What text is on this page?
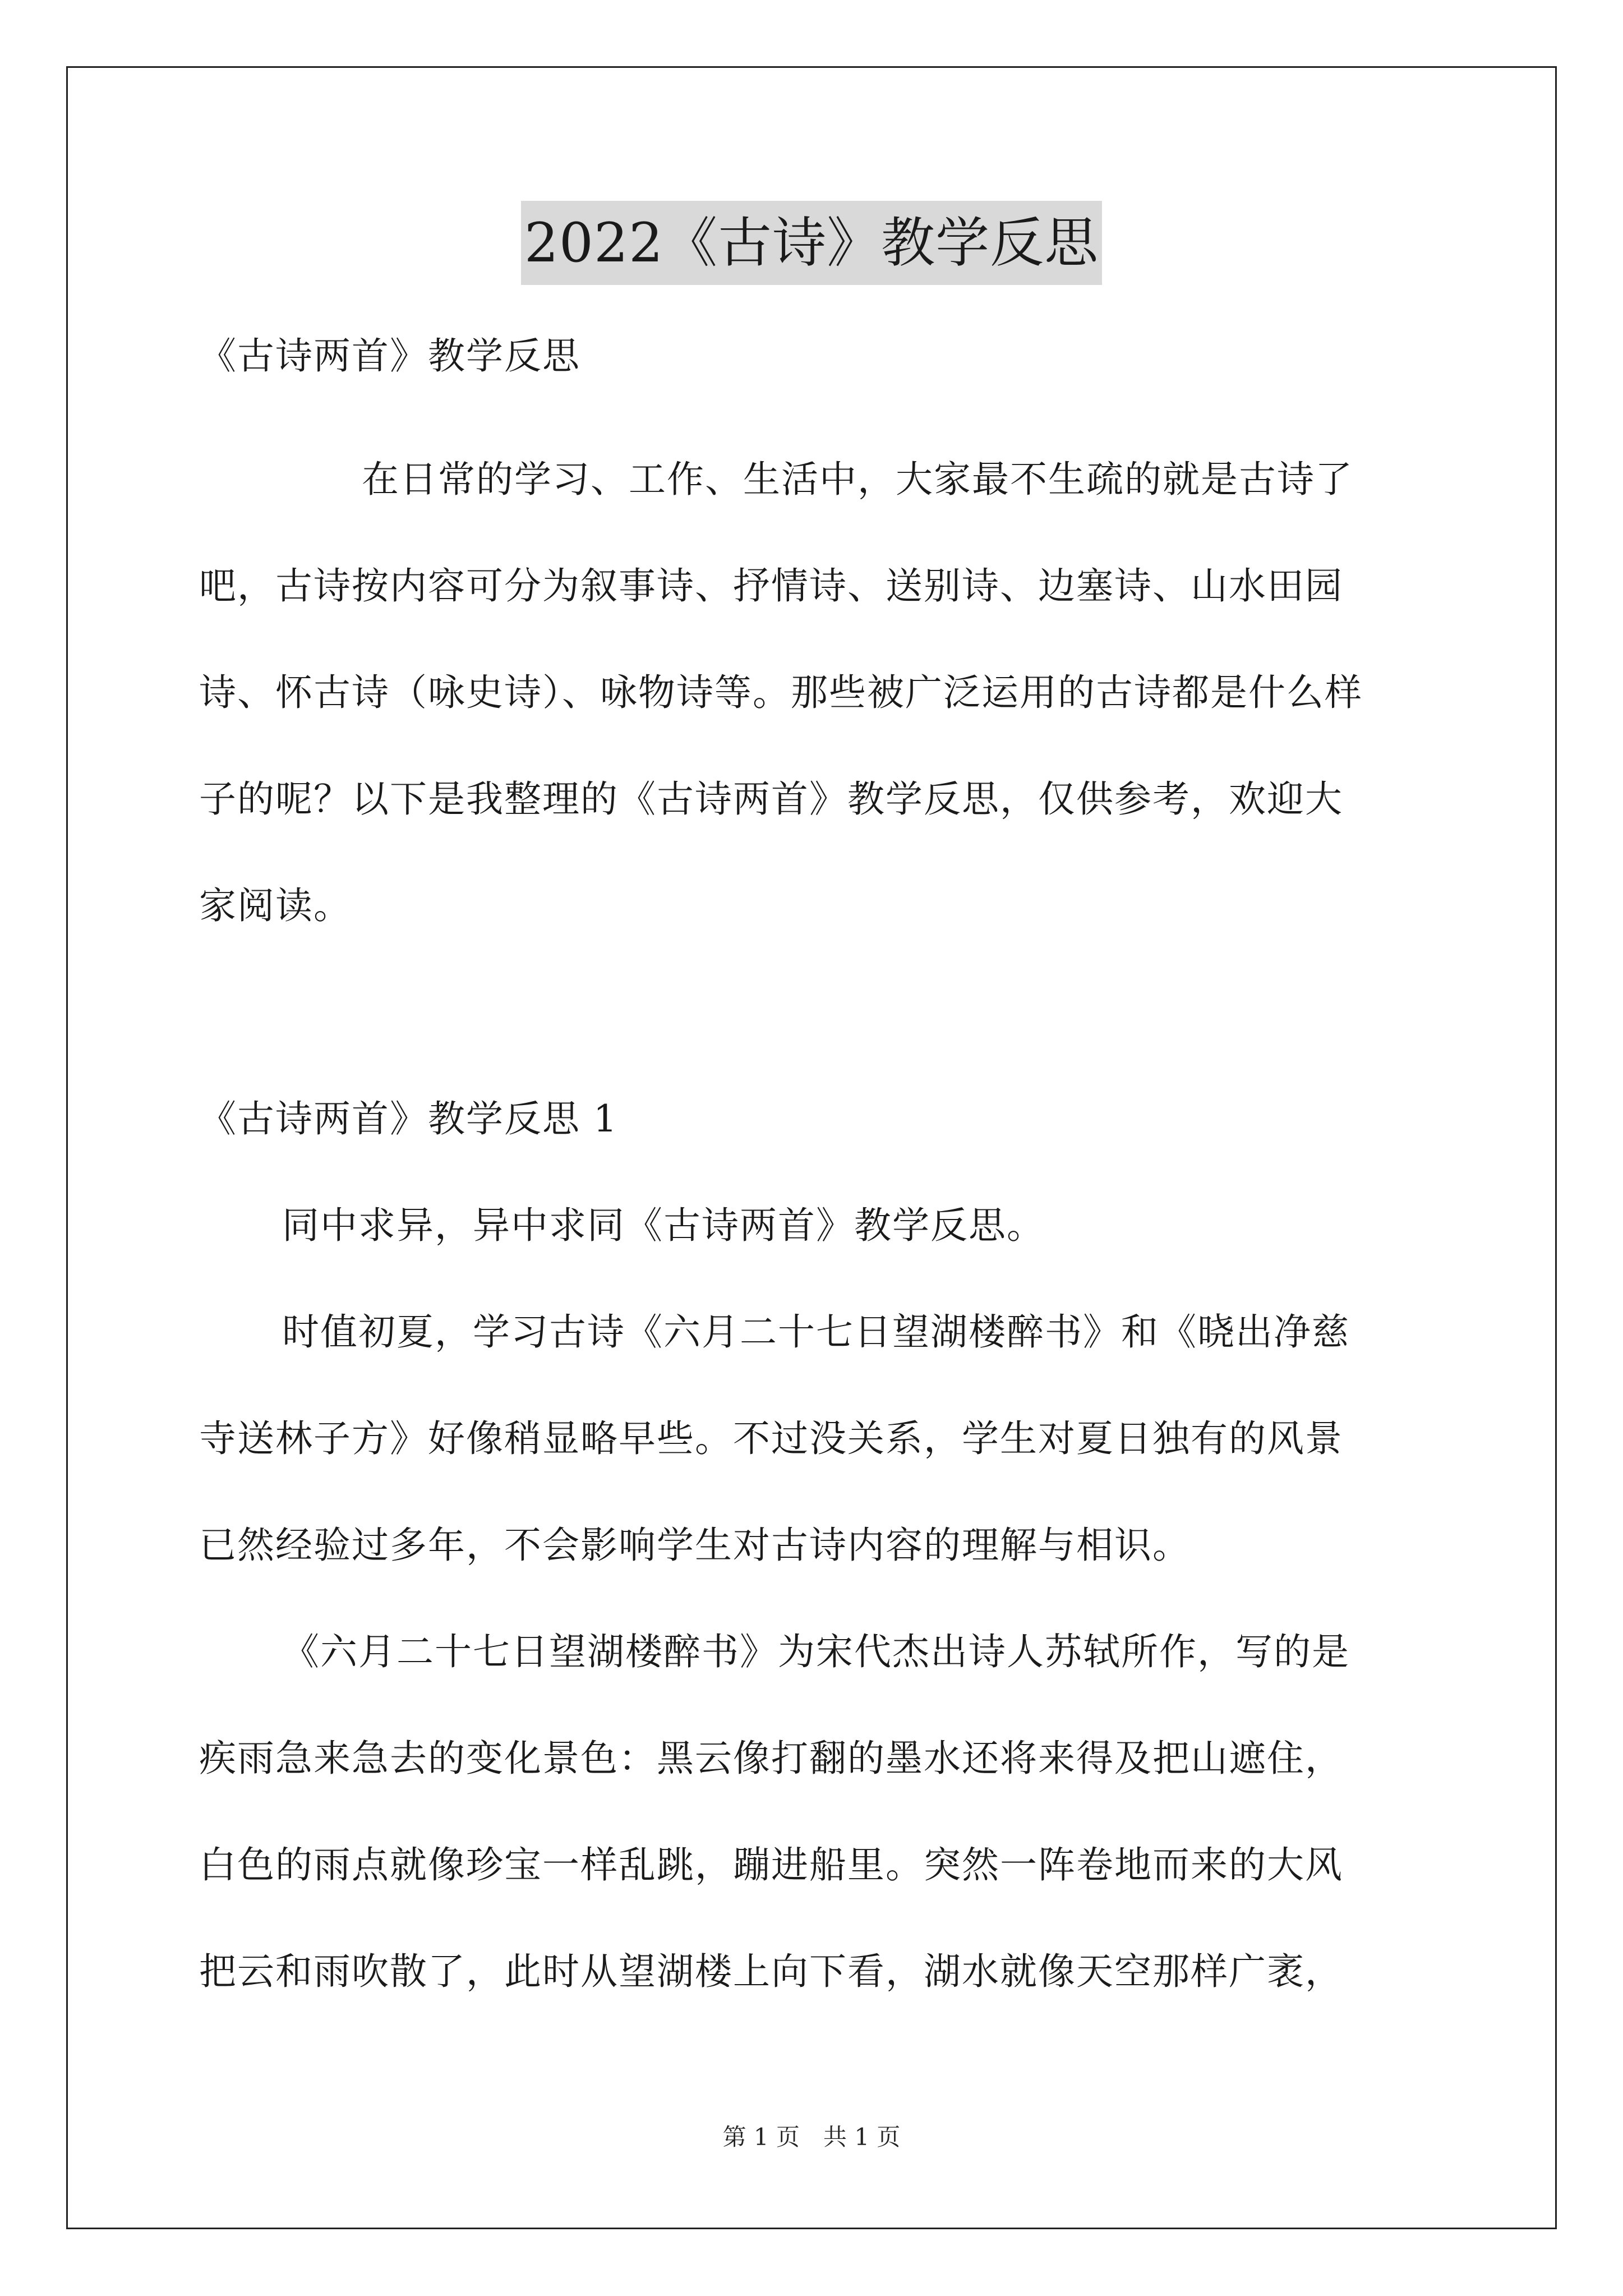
2022《古诗》教学反思
《古诗两首》教学反思
在日常的学习、工作、生活中，大家最不生疏的就是古诗了
吧，古诗按内容可分为叙事诗、抒情诗、送别诗、边塞诗、山水田园
诗、怀古诗（咏史诗）、咏物诗等。那些被广泛运用的古诗都是什么样
子的呢？以下是我整理的《古诗两首》教学反思，仅供参考，欢迎大
家阅读。
《古诗两首》教学反思 1
同中求异，异中求同《古诗两首》教学反思。
时值初夏，学习古诗《六月二十七日望湖楼醉书》和《晓出净慈
寺送林子方》好像稍显略早些。不过没关系，学生对夏日独有的风景
已然经验过多年，不会影响学生对古诗内容的理解与相识。
《六月二十七日望湖楼醉书》为宋代杰出诗人苏轼所作，写的是
疾雨急来急去的变化景色：黑云像打翻的墨水还将来得及把山遮住，
白色的雨点就像珍宝一样乱跳，蹦进船里。突然一阵卷地而来的大风
把云和雨吹散了，此时从望湖楼上向下看，湖水就像天空那样广袤，
第 1 页　共 1 页
